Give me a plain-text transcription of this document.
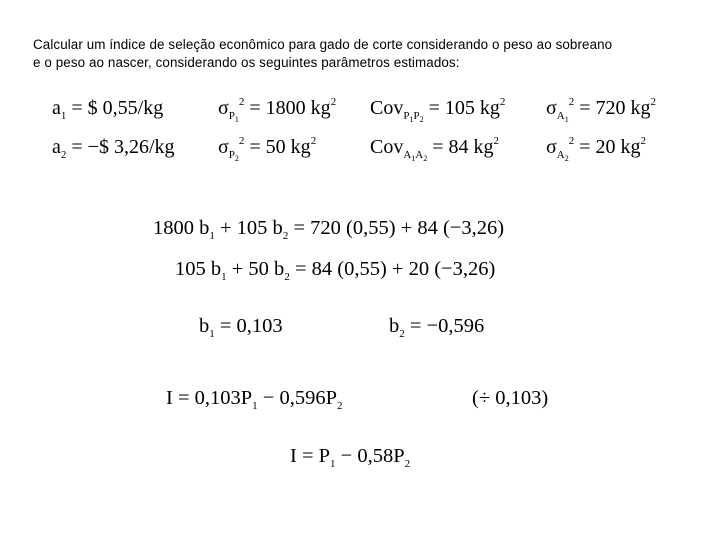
Calcular um índice de seleção econômico para gado de corte considerando o peso ao sobreano
e o peso ao nascer, considerando os seguintes parâmetros estimados:
$a_1$ = $ 0,55/kg
$a_2$ = −$ 3,26/kg
$\sigma_{P_1}^2 = 1800$ $kg^2$
$\sigma_{P_2}^2 = 50$ $kg^2$
Cov$_{P_1P_2}$ = 105 $kg^2$
Cov$_{A_1A_2}$ = 84 $kg^2$
$\sigma_{A_1}^2 = 720$ $kg^2$
$\sigma_{A_2}^2 = 20$ $kg^2$
1800 $b_1 + 105$ $b_2 = 720$ (0,55) + 84 (−3,26)
105 $b_1 + 50$ $b_2 = 84$ (0,55) + 20 (−3,26)
$b_1 = 0,103$	$b_2 = -0,596$
$I = 0,103P_1 - 0,596P_2$	(÷ 0,103)
$I = P_1 - 0,58P_2$
